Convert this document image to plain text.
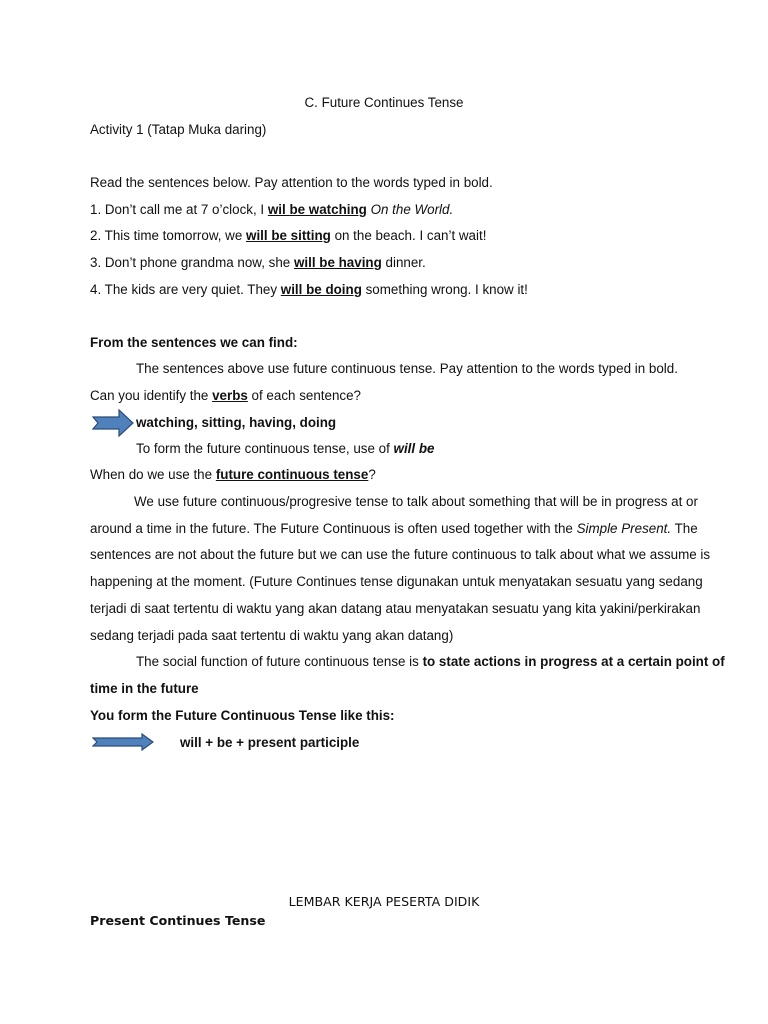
C. Future Continues Tense
Activity 1 (Tatap Muka daring)
Read the sentences below. Pay attention to the words typed in bold.
1. Don’t call me at 7 o’clock, I wil be watching On the World.
2. This time tomorrow, we will be sitting on the beach. I can’t wait!
3. Don’t phone grandma now, she will be having dinner.
4. The kids are very quiet. They will be doing something wrong. I know it!
From the sentences we can find:
The sentences above use future continuous tense. Pay attention to the words typed in bold.
Can you identify the verbs of each sentence?
watching, sitting, having, doing
To form the future continuous tense, use of will be
When do we use the future continuous tense?
We use future continuous/progresive tense to talk about something that will be in progress at or
around a time in the future. The Future Continuous is often used together with the Simple Present. The
sentences are not about the future but we can use the future continuous to talk about what we assume is
happening at the moment. (Future Continues tense digunakan untuk menyatakan sesuatu yang sedang
terjadi di saat tertentu di waktu yang akan datang atau menyatakan sesuatu yang kita yakini/perkirakan
sedang terjadi pada saat tertentu di waktu yang akan datang)
The social function of future continuous tense is to state actions in progress at a certain point of
time in the future
You form the Future Continuous Tense like this:
will + be + present participle
LEMBAR KERJA PESERTA DIDIK
Present Continues Tense
